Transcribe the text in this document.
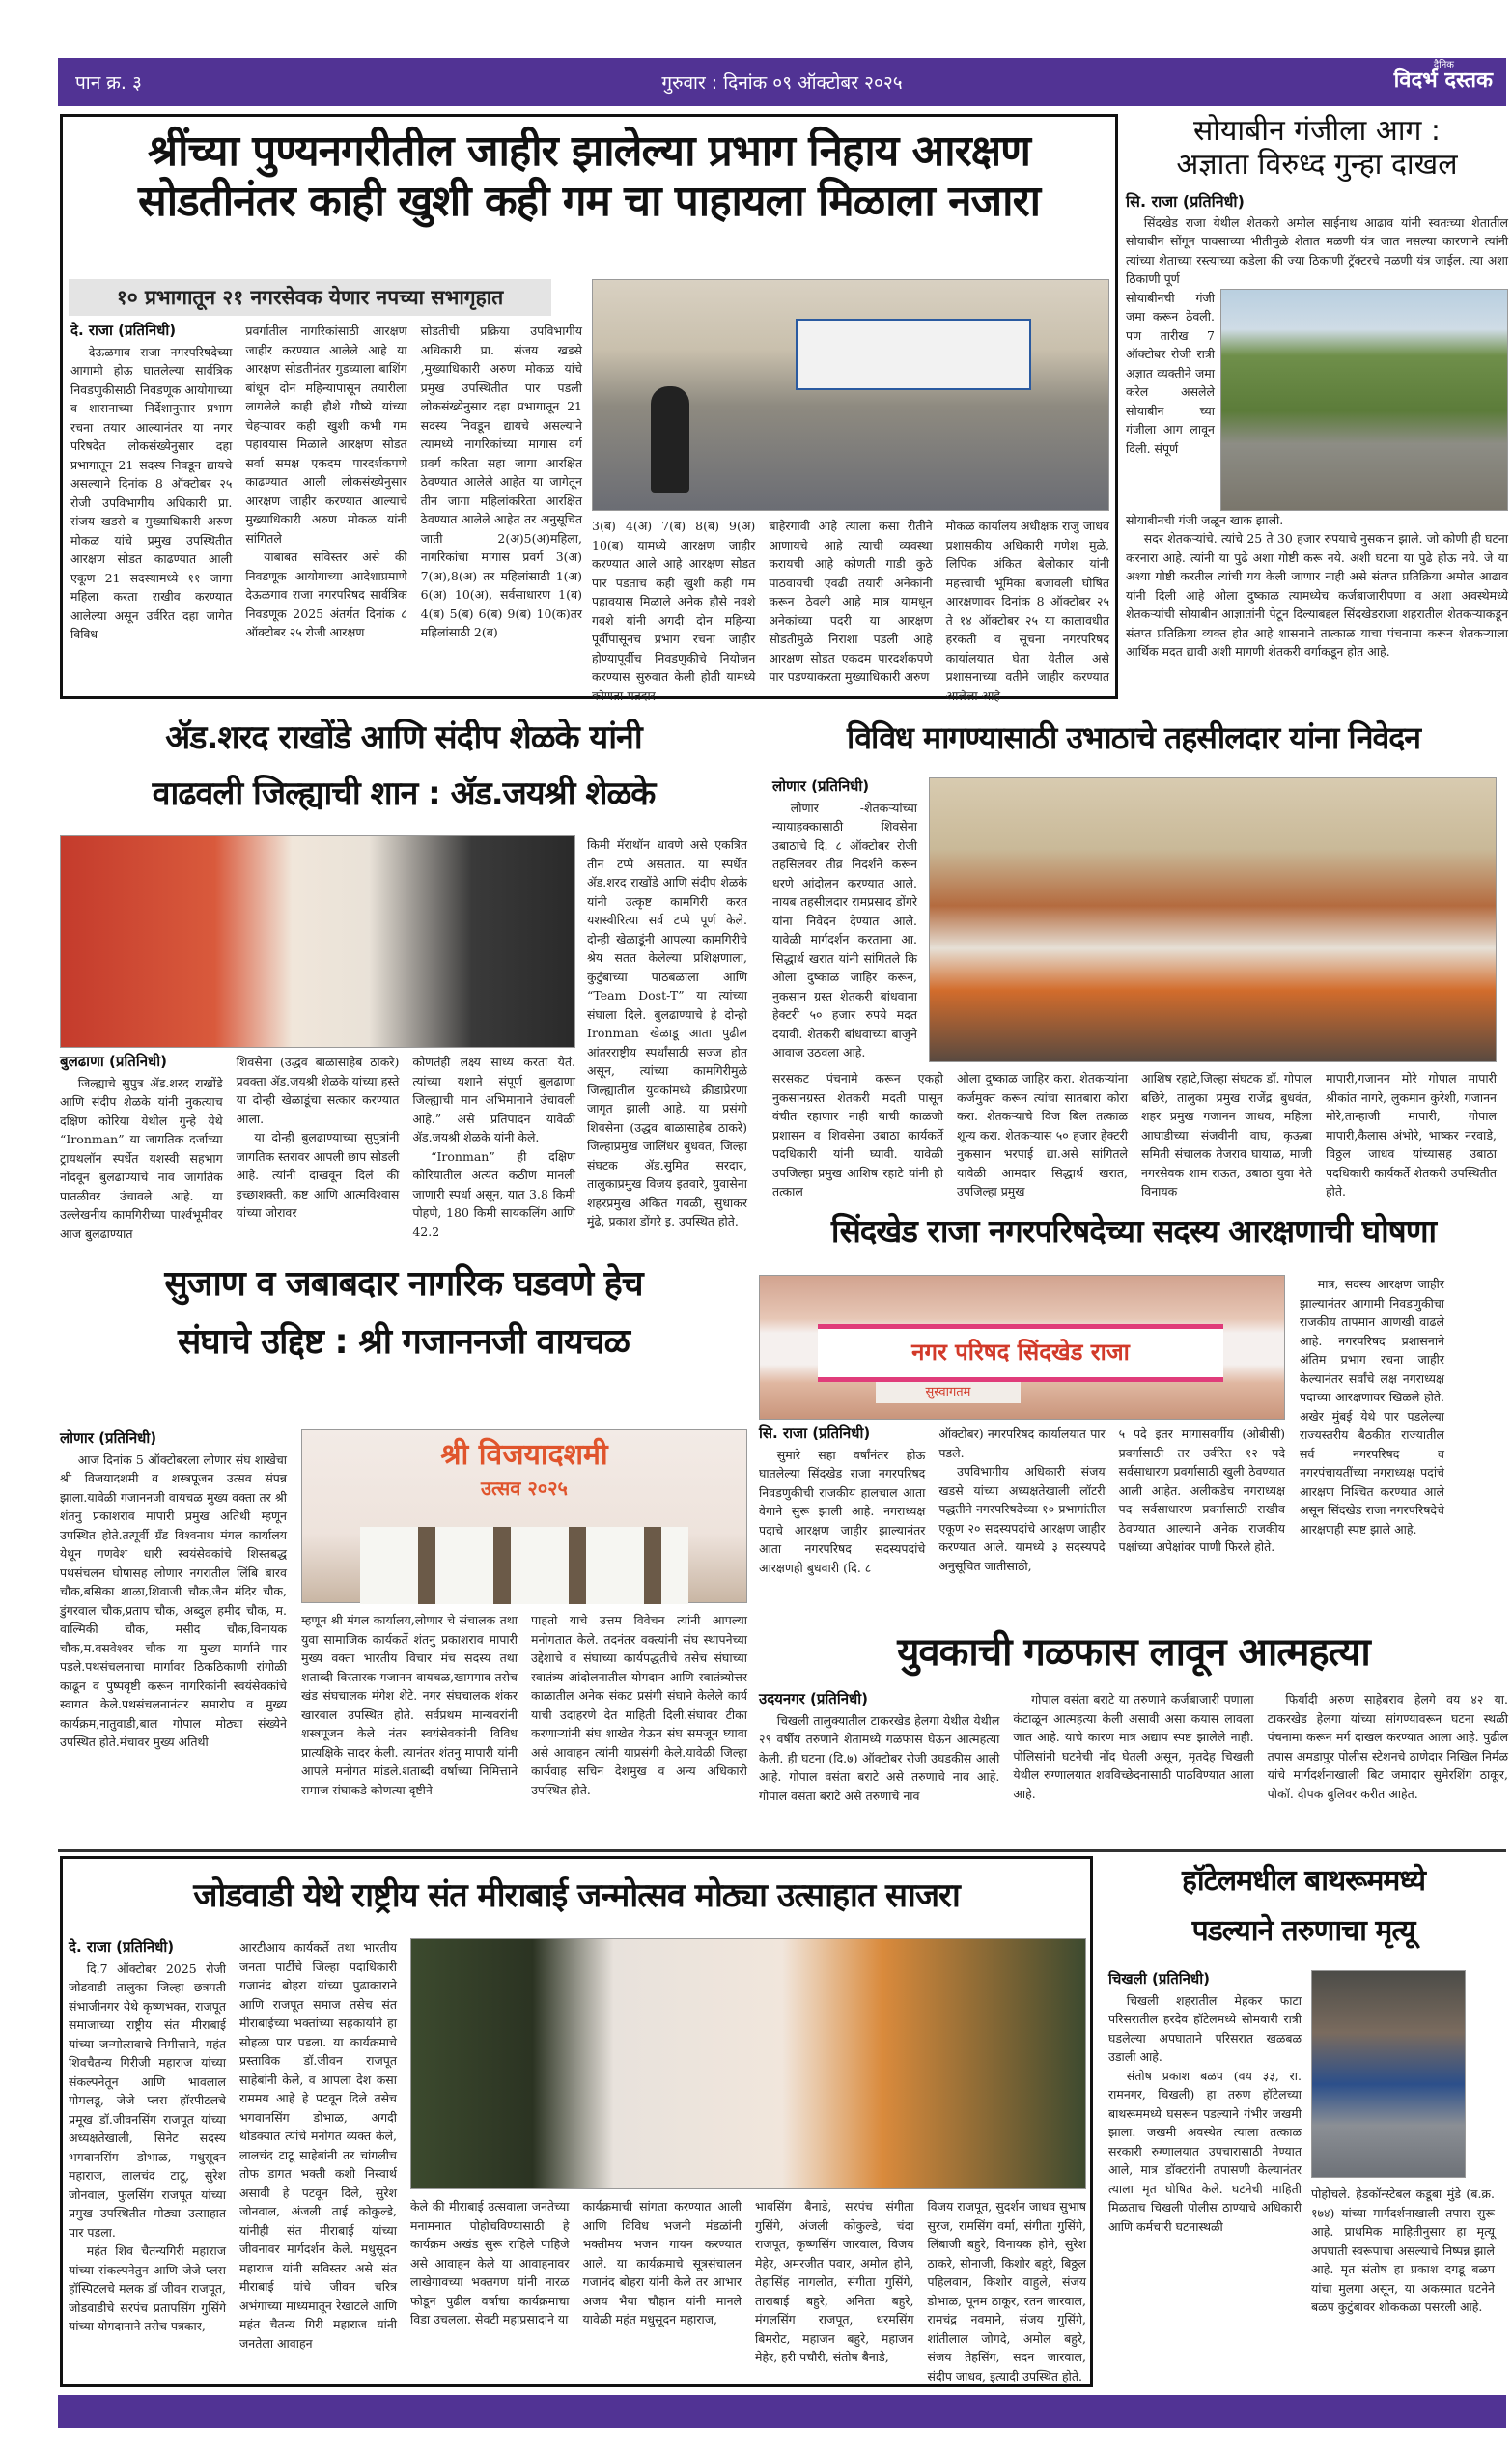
पान क्र. ३	गुरुवार : दिनांक ०९ ऑक्टोबर २०२५
दैनिक
विदर्भ दस्तक
श्रींच्या पुण्यनगरीतील जाहीर झालेल्या प्रभाग निहाय आरक्षण
सोडतीनंतर काही खुशी कही गम चा पाहायला मिळाला नजारा
१० प्रभागातून २१ नगरसेवक येणार नपच्या सभागृहात
दे. राजा (प्रतिनिधी)

देऊळगाव राजा नगरपरिषदेच्या आगामी होऊ घातलेल्या सार्वत्रिक निवडणुकीसाठी निवडणूक आयोगाच्या व शासनाच्या निर्देशानुसार प्रभाग रचना तयार आल्यानंतर या नगर परिषदेत लोकसंख्येनुसार दहा प्रभागातून 21 सदस्य निवडून द्यायचे असल्याने दिनांक 8 ऑक्टोबर २५ रोजी उपविभागीय अधिकारी प्रा. संजय खडसे व मुख्याधिकारी अरुण मोकळ यांचे प्रमुख उपस्थितीत आरक्षण सोडत काढण्यात आली एकूण 21 सदस्यामध्ये ११ जागा महिला करता राखीव करण्यात आलेल्या असून उर्वरित दहा जागेत विविध

प्रवर्गातील नागरिकांसाठी आरक्षण जाहीर करण्यात आलेले आहे या आरक्षण सोडतीनंतर गुडघ्याला बाशिंग बांधून दोन महिन्यापासून तयारीला लागलेले काही हौशे गौष्ये यांच्या चेहऱ्यावर कही खुशी कभी गम पहावयास मिळाले आरक्षण सोडत सर्वा समक्ष एकदम पारदर्शकपणे काढण्यात आली लोकसंख्येनुसार आरक्षण जाहीर करण्यात आल्याचे मुख्याधिकारी अरुण मोकळ यांनी सांगितले

याबाबत सविस्तर असे की निवडणूक आयोगाच्या आदेशाप्रमाणे देऊळगाव राजा नगरपरिषद सार्वत्रिक निवडणूक 2025 अंतर्गत दिनांक ८ ऑक्टोबर २५ रोजी आरक्षण

सोडतीची प्रक्रिया उपविभागीय अधिकारी प्रा. संजय खडसे ,मुख्याधिकारी अरुण मोकळ यांचे प्रमुख उपस्थितीत पार पडली लोकसंख्येनुसार दहा प्रभागातून 21 सदस्य निवडून द्यायचे असल्याने त्यामध्ये नागरिकांच्या मागास वर्ग प्रवर्ग करिता सहा जागा आरक्षित ठेवण्यात आलेले आहेत या जागेतून तीन जागा महिलांकरिता आरक्षित ठेवण्यात आलेले आहेत तर अनुसूचित जाती 2(अ)5(अ)महिला, नागरिकांचा मागास प्रवर्ग 3(अ) 7(अ),8(अ) तर महिलांसाठी 1(अ) 6(अ) 10(अ), सर्वसाधारण 1(ब) 4(ब) 5(ब) 6(ब) 9(ब) 10(क)तर महिलांसाठी 2(ब)

3(ब) 4(अ) 7(ब) 8(ब) 9(अ) 10(ब) यामध्ये आरक्षण जाहीर करण्यात आले आहे आरक्षण सोडत पार पडताच कही खुशी कही गम पहावयास मिळाले अनेक हौसे नवशे गवशे यांनी अगदी दोन महिन्या पूर्वीपासूनच प्रभाग रचना जाहीर होण्यापूर्वीच निवडणुकीचे नियोजन करण्यास सुरुवात केली होती यामध्ये कोणता मतदार

बाहेरगावी आहे त्याला कसा रीतीने आणायचे आहे त्याची व्यवस्था करायची आहे कोणती गाडी कुठे पाठवायची एवढी तयारी अनेकांनी करून ठेवली आहे मात्र यामधून अनेकांच्या पदरी या आरक्षण सोडतीमुळे निराशा पडली आहे आरक्षण सोडत एकदम पारदर्शकपणे पार पडण्याकरता मुख्याधिकारी अरुण

मोकळ कार्यालय अधीक्षक राजु जाधव प्रशासकीय अधिकारी गणेश मुळे, लिपिक अंकित बेलोकार यांनी महत्त्वाची भूमिका बजावली घोषित आरक्षणावर दिनांक 8 ऑक्टोबर २५ ते १४ ऑक्टोबर २५ या कालावधीत हरकती व सूचना नगरपरिषद कार्यालयात घेता येतील असे प्रशासनाच्या वतीने जाहीर करण्यात आलेला आहे

सोयाबीन गंजीला आग :
अज्ञाता विरुध्द गुन्हा दाखल
सि. राजा (प्रतिनिधी)

सिंदखेड राजा येथील शेतकरी अमोल साईनाथ आढाव यांनी स्वतःच्या शेतातील सोयाबीन सोंगून पावसाच्या भीतीमुळे शेतात मळणी यंत्र जात नसल्या कारणाने त्यांनी त्यांच्या शेताच्या रस्त्याच्या कडेला की ज्या ठिकाणी ट्रॅक्टरचे मळणी यंत्र जाईल. त्या अशा ठिकाणी पूर्ण

सोयाबीनची गंजी जमा करून ठेवली. पण तारीख 7 ऑक्टोबर रोजी रात्री अज्ञात व्यक्तीने जमा करेल असलेले सोयाबीन च्या गंजीला आग लावून दिली. संपूर्ण

सोयाबीनची गंजी जळून खाक झाली.

सदर शेतकऱ्यांचे. त्यांचे 25 ते 30 हजार रुपयाचे नुसकान झाले. जो कोणी ही घटना करनारा आहे. त्यांनी या पुढे अशा गोष्टी करू नये. अशी घटना या पुढे होऊ नये. जे या अश्या गोष्टी करतील त्यांची गय केली जाणार नाही असे संतप्त प्रतिक्रिया अमोल आढाव यांनी दिली आहे ओला दुष्काळ त्यामध्येच कर्जबाजारीपणा व अशा अवस्थेमध्ये शेतकऱ्यांची सोयाबीन आज्ञातांनी पेटून दिल्याबद्दल सिंदखेडराजा शहरातील शेतकऱ्याकडून संतप्त प्रतिक्रिया व्यक्त होत आहे शासनाने तात्काळ याचा पंचनामा करून शेतकऱ्याला आर्थिक मदत द्यावी अशी मागणी शेतकरी वर्गाकडून होत आहे.

ॲड.शरद राखोंडे आणि संदीप शेळके यांनी
वाढवली जिल्ह्याची शान : ॲड.जयश्री शेळके
बुलढाणा (प्रतिनिधी)

जिल्ह्याचे सुपुत्र ॲड.शरद राखोंडे आणि संदीप शेळके यांनी नुकत्याच दक्षिण कोरिया येथील गुन्हे येथे “Ironman” या जागतिक दर्जाच्या ट्रायथलॉन स्पर्धेत यशस्वी सहभाग नोंदवून बुलढाण्याचे नाव जागतिक पातळीवर उंचावले आहे. या उल्लेखनीय कामगिरीच्या पार्श्वभूमीवर आज बुलढाण्यात

शिवसेना (उद्धव बाळासाहेब ठाकरे) प्रवक्ता ॲड.जयश्री शेळके यांच्या हस्ते या दोन्ही खेळाडूंचा सत्कार करण्यात आला.

या दोन्ही बुलढाण्याच्या सुपुत्रांनी जागतिक स्तरावर आपली छाप सोडली आहे. त्यांनी दाखवून दिलं की इच्छाशक्ती, कष्ट आणि आत्मविश्वास यांच्या जोरावर

कोणतंही लक्ष्य साध्य करता येतं. त्यांच्या यशाने संपूर्ण बुलढाणा जिल्ह्याची मान अभिमानाने उंचावली आहे.” असे प्रतिपादन यावेळी ॲड.जयश्री शेळके यांनी केले.

“Ironman” ही दक्षिण कोरियातील अत्यंत कठीण मानली जाणारी स्पर्धा असून, यात 3.8 किमी पोहणे, 180 किमी सायकलिंग आणि 42.2

किमी मॅराथॉन धावणे असे एकत्रित तीन टप्पे असतात. या स्पर्धेत ॲड.शरद राखोंडे आणि संदीप शेळके यांनी उत्कृष्ट कामगिरी करत यशस्वीरित्या सर्व टप्पे पूर्ण केले. दोन्ही खेळाडूंनी आपल्या कामगिरीचे श्रेय सतत केलेल्या प्रशिक्षणाला, कुटुंबाच्या पाठबळाला आणि “Team Dost-T” या त्यांच्या संघाला दिले. बुलढाण्याचे हे दोन्ही Ironman खेळाडू आता पुढील आंतरराष्ट्रीय स्पर्धांसाठी सज्ज होत असून, त्यांच्या कामगिरीमुळे जिल्ह्यातील युवकांमध्ये क्रीडाप्रेरणा जागृत झाली आहे. या प्रसंगी शिवसेना (उद्धव बाळासाहेब ठाकरे) जिल्हाप्रमुख जालिंधर बुधवत, जिल्हा संघटक ॲड.सुमित सरदार, तालुकाप्रमुख विजय इतवारे, युवासेना शहरप्रमुख अंकित गवळी, सुधाकर मुंढे, प्रकाश डोंगरे इ. उपस्थित होते.

विविध मागण्यासाठी उभाठाचे तहसीलदार यांना निवेदन
लोणार (प्रतिनिधी)

लोणार -शेतकऱ्यांच्या न्यायाहक्कासाठी शिवसेना उबाठाचे दि. ८ ऑक्टोबर रोजी तहसिलवर तीव्र निदर्शने करून धरणे आंदोलन करण्यात आले. नायब तहसीलदार रामप्रसाद डोंगरे यांना निवेदन देण्यात आले. यावेळी मार्गदर्शन करताना आ. सिद्धार्थ खरात यांनी सांगितले कि ओला दुष्काळ जाहिर करून, नुकसान ग्रस्त शेतकरी बांधवाना हेक्टरी ५० हजार रुपये मदत दयावी. शेतकरी बांधवाच्या बाजुने आवाज उठवला आहे.

सरसकट पंचनामे करून एकही नुकसानग्रस्त शेतकरी मदती पासून वंचीत रहाणार नाही याची काळजी प्रशासन व शिवसेना उबाठा कार्यकर्ते पदधिकारी यांनी घ्यावी. यावेळी उपजिल्हा प्रमुख आशिष रहाटे यांनी ही तत्काल

ओला दुष्काळ जाहिर करा. शेतकऱ्यांना कर्जमुक्त करून त्यांचा सातबारा कोरा करा. शेतकऱ्याचे विज बिल तत्काळ शून्य करा. शेतकऱ्यास ५० हजार हेक्टरी नुकसान भरपाई द्या.असे सांगितले यावेळी आमदार सिद्धार्थ खरात, उपजिल्हा प्रमुख

आशिष रहाटे,जिल्हा संघटक डॉ. गोपाल बछिरे, तालुका प्रमुख राजेंद्र बुधवंत, शहर प्रमुख गजानन जाधव, महिला आघाडीच्या संजवीनी वाघ, कृऊबा समिती संचालक तेजराव घायाळ, माजी नगरसेवक शाम राऊत, उबाठा युवा नेते विनायक

मापारी,गजानन मोरे गोपाल मापारी श्रीकांत नागरे, लुकमान कुरेशी, गजानन मोरे,तान्हाजी मापारी, गोपाल मापारी,कैलास अंभोरे, भाष्कर नरवाडे, विठ्ठल जाधव यांच्यासह उबाठा पदधिकारी कार्यकर्ते शेतकरी उपस्थितीत होते.

सुजाण व जबाबदार नागरिक घडवणे हेच
संघाचे उद्दिष्ट : श्री गजाननजी वायचळ
लोणार (प्रतिनिधी)

आज दिनांक 5 ऑक्टोबरला लोणार संघ शाखेचा श्री विजयादशमी व शस्त्रपूजन उत्सव संपन्न झाला.यावेळी गजाननजी वायचळ मुख्य वक्ता तर श्री शंतनु प्रकाशराव मापारी प्रमुख अतिथी म्हणून उपस्थित होते.तत्पूर्वी ग्रँड विश्वनाथ मंगल कार्यालय येथून गणवेश धारी स्वयंसेवकांचे शिस्तबद्ध पथसंचलन घोषासह लोणार नगरातील लिंबि बारव चौक,बसिका शाळा,शिवाजी चौक,जैन मंदिर चौक, डुंगरवाल चौक,प्रताप चौक, अब्दुल हमीद चौक, म. वाल्मिकी चौक, मसीद चौक,विनायक चौक,म.बसवेश्वर चौक या मुख्य मार्गाने पार पडले.पथसंचलनाचा मार्गावर ठिकठिकाणी रांगोळी काढून व पुष्पवृष्टी करून नागरिकांनी स्वयंसेवकांचे स्वागत केले.पथसंचलनानंतर समारोप व मुख्य कार्यक्रम,नातुवाडी,बाल गोपाल मोठ्या संख्येने उपस्थित होते.मंचावर मुख्य अतिथी

श्री विजयादशमी
उत्सव २०२५

म्हणून श्री मंगल कार्यालय,लोणार चे संचालक तथा युवा सामाजिक कार्यकर्ते शंतनु प्रकाशराव मापारी मुख्य वक्ता भारतीय विचार मंच सदस्य तथा शताब्दी विस्तारक गजानन वायचळ,खामगाव तसेच खंड संघचालक मंगेश शेटे. नगर संघचालक शंकर खारवाल उपस्थित होते. सर्वप्रथम मान्यवरांनी शस्त्रपूजन केले नंतर स्वयंसेवकांनी विविध प्रात्यक्षिके सादर केली. त्यानंतर शंतनु मापारी यांनी आपले मनोगत मांडले.शताब्दी वर्षाच्या निमित्ताने समाज संघाकडे कोणत्या दृष्टीने

पाहतो याचे उत्तम विवेचन त्यांनी आपल्या मनोगतात केले. तदनंतर वक्त्यांनी संघ स्थापनेच्या उद्देशाचे व संघाच्या कार्यपद्धतीचे तसेच संघाच्या स्वातंत्र्य आंदोलनातील योगदान आणि स्वातंत्र्योत्तर काळातील अनेक संकट प्रसंगी संघाने केलेले कार्य याची उदाहरणे देत माहिती दिली.संघावर टीका करणाऱ्यांनी संघ शाखेत येऊन संघ समजून घ्यावा असे आवाहन त्यांनी याप्रसंगी केले.यावेळी जिल्हा कार्यवाह सचिन देशमुख व अन्य अधिकारी उपस्थित होते.

सिंदखेड राजा नगरपरिषदेच्या सदस्य आरक्षणाची घोषणा
नगर परिषद सिंदखेड राजा
सुस्वागतम

मात्र, सदस्य आरक्षण जाहीर झाल्यानंतर आगामी निवडणुकीचा राजकीय तापमान आणखी वाढले आहे. नगरपरिषद प्रशासनाने अंतिम प्रभाग रचना जाहीर केल्यानंतर सर्वांचे लक्ष नगराध्यक्ष पदाच्या आरक्षणावर खिळले होते. अखेर मुंबई येथे पार पडलेल्या राज्यस्तरीय बैठकीत राज्यातील सर्व नगरपरिषद व नगरपंचायतींच्या नगराध्यक्ष पदांचे आरक्षण निश्चित करण्यात आले असून सिंदखेड राजा नगरपरिषदेचे आरक्षणही स्पष्ट झाले आहे.

सि. राजा (प्रतिनिधी)

सुमारे सहा वर्षांनंतर होऊ घातलेल्या सिंदखेड राजा नगरपरिषद निवडणुकीची राजकीय हालचाल आता वेगाने सुरू झाली आहे. नगराध्यक्ष पदाचे आरक्षण जाहीर झाल्यानंतर आता नगरपरिषद सदस्यपदांचे आरक्षणही बुधवारी (दि. ८

ऑक्टोबर) नगरपरिषद कार्यालयात पार पडले.

उपविभागीय अधिकारी संजय खडसे यांच्या अध्यक्षतेखाली लॉटरी पद्धतीने नगरपरिषदेच्या १० प्रभागांतील एकूण २० सदस्यपदांचे आरक्षण जाहीर करण्यात आले. यामध्ये ३ सदस्यपदे अनुसूचित जातीसाठी,

५ पदे इतर मागासवर्गीय (ओबीसी) प्रवर्गासाठी तर उर्वरित १२ पदे सर्वसाधारण प्रवर्गासाठी खुली ठेवण्यात आली आहेत. अलीकडेच नगराध्यक्ष पद सर्वसाधारण प्रवर्गासाठी राखीव ठेवण्यात आल्याने अनेक राजकीय पक्षांच्या अपेक्षांवर पाणी फिरले होते.

युवकाची गळफास लावून आत्महत्या
उदयनगर (प्रतिनिधी)

चिखली तालुक्यातील टाकरखेड हेलगा येथील येथील २९ वर्षीय तरुणाने शेतामध्ये गळफास घेऊन आत्महत्या केली. ही घटना (दि.७) ऑक्टोबर रोजी उघडकीस आली आहे. गोपाल वसंता बराटे असे तरुणाचे नाव आहे. गोपाल वसंता बराटे असे तरुणाचे नाव

गोपाल वसंता बराटे या तरुणाने कर्जबाजारी पणाला कंटाळून आत्महत्या केली असावी असा कयास लावला जात आहे. याचे कारण मात्र अद्याप स्पष्ट झालेले नाही. पोलिसांनी घटनेची नोंद घेतली असून, मृतदेह चिखली येथील रुग्णालयात शवविच्छेदनासाठी पाठविण्यात आला आहे.

फिर्यादी अरुण साहेबराव हेलगे वय ४२ या. टाकरखेड हेलगा यांच्या सांगण्यावरून घटना स्थळी पंचनामा करून मर्ग दाखल करण्यात आला आहे. पुढील तपास अमडापुर पोलीस स्टेशनचे ठाणेदार निखिल निर्मळ यांचे मार्गदर्शनाखाली बिट जमादार सुमेरशिंग ठाकूर, पोकॉ. दीपक बुलिवर करीत आहेत.

जोडवाडी येथे राष्ट्रीय संत मीराबाई जन्मोत्सव मोठ्या उत्साहात साजरा
दे. राजा (प्रतिनिधी)

दि.7 ऑक्टोबर 2025 रोजी जोडवाडी तालुका जिल्हा छत्रपती संभाजीनगर येथे कृष्णभक्त, राजपूत समाजाच्या राष्ट्रीय संत मीराबाई यांच्या जन्मोत्सवाचे निमीत्ताने, महंत शिवचैतन्य गिरीजी महाराज यांच्या संकल्पनेतून आणि भावलाल गोमलडू, जेजे प्लस हॉस्पीटलचे प्रमूख डॉ.जीवनसिंग राजपूत यांच्या अध्यक्षतेखाली, सिनेट सदस्य भगवानसिंग डोभाळ, मधुसूदन महाराज, लालचंद टाटू, सुरेश जोनवाल, फुलसिंग राजपूत यांच्या प्रमुख उपस्थितीत मोठ्या उत्साहात पार पडला.

महंत शिव चैतन्यगिरी महाराज यांच्या संकल्पनेतुन आणि जेजे प्लस हॉस्पिटलचे मलक डॉ जीवन राजपूत, जोडवाडीचे सरपंच प्रतापसिंग गुसिंगे यांच्या योगदानाने तसेच पत्रकार,

आरटीआय कार्यकर्ते तथा भारतीय जनता पार्टीचे जिल्हा पदाधिकारी गजानंद बोहरा यांच्या पुढाकाराने आणि राजपूत समाज तसेच संत मीराबाईच्या भक्तांच्या सहकार्याने हा सोहळा पार पडला. या कार्यक्रमाचे प्रस्ताविक डॉ.जीवन राजपूत साहेबांनी केले, व आपला देश कसा राममय आहे हे पटवून दिले तसेच भगवानसिंग डोभाळ, अगदी थोडक्यात त्यांचे मनोगत व्यक्त केले, लालचंद टाटू साहेबांनी तर चांगलीच तोफ डागत भक्ती कशी निस्वार्थ असावी हे पटवून दिले, सुरेश जोनवाल, अंजली ताई कोकुल्डे, यांनीही संत मीराबाई यांच्या जीवनावर मार्गदर्शन केले. मधुसूदन महाराज यांनी सविस्तर असे संत मीराबाई यांचे जीवन चरित्र अभंगाच्या माध्यमातून रेखाटले आणि महंत चैतन्य गिरी महाराज यांनी जनतेला आवाहन

केले की मीराबाई उत्सवाला जनतेच्या मनामनात पोहोचविण्यासाठी हे कार्यक्रम अखंड सुरू राहिले पाहिजे असे आवाहन केले या आवाहनावर लाखेगावच्या भक्तगण यांनी नारळ फोडून पुढील वर्षाचा कार्यक्रमाचा विडा उचलला. सेवटी महाप्रसादाने या

कार्यक्रमाची सांगता करण्यात आली आणि विविध भजनी मंडळांनी भक्तीमय भजन गायन करण्यात आले. या कार्यक्रमाचे सूत्रसंचालन गजानंद बोहरा यांनी केले तर आभार अजय भैया चौहान यांनी मानले यावेळी महंत मधुसूदन महाराज,

भावसिंग बैनाडे, सरपंच संगीता गुसिंगे, अंजली कोकुल्डे, चंदा राजपूत, कृष्णसिंग जारवाल, विजय मेहेर, अमरजीत पवार, अमोल होने, तेहासिंह नागलोत, संगीता गुसिंगे, ताराबाई बहुरे, अनिता बहुरे, मंगलसिंग राजपूत, धरमसिंग बिमरोट, महाजन बहुरे, महाजन मेहेर, हरी पचौरी, संतोष बैनाडे,

विजय राजपूत, सुदर्शन जाधव सुभाष सुरज, रामसिंग वर्मा, संगीता गुसिंगे, लिंबाजी बहुरे, विनायक होने, सुरेश ठाकरे, सोनाजी, किशोर बहुरे, बिठ्ठल पहिलवान, किशोर वाहुले, संजय डोभाळ, पूनम ठाकूर, रतन जारवाल, रामचंद्र नवमाने, संजय गुसिंगे, शांतीलाल जोगदे, अमोल बहुरे, संजय तेहसिंग, सदन जारवाल, संदीप जाधव, इत्यादी उपस्थित होते.

हॉटेलमधील बाथरूममध्ये
पडल्याने तरुणाचा मृत्यू
चिखली (प्रतिनिधी)

चिखली शहरातील मेहकर फाटा परिसरातील हरदेव हॉटेलमध्ये सोमवारी रात्री घडलेल्या अपघाताने परिसरात खळबळ उडाली आहे.

संतोष प्रकाश बळप (वय ३३, रा. रामनगर, चिखली) हा तरुण हॉटेलच्या बाथरूममध्ये घसरून पडल्याने गंभीर जखमी झाला. जखमी अवस्थेत त्याला तत्काळ सरकारी रुग्णालयात उपचारासाठी नेण्यात आले, मात्र डॉक्टरांनी तपासणी केल्यानंतर त्याला मृत घोषित केले. घटनेची माहिती मिळताच चिखली पोलीस ठाण्याचे अधिकारी आणि कर्मचारी घटनास्थळी

पोहोचले. हेडकॉन्स्टेबल कडूबा मुंडे (ब.क्र. १७४) यांच्या मार्गदर्शनाखाली तपास सुरू आहे. प्राथमिक माहितीनुसार हा मृत्यू अपघाती स्वरूपाचा असल्याचे निष्पन्न झाले आहे. मृत संतोष हा प्रकाश दगडू बळप यांचा मुलगा असून, या अकस्मात घटनेने बळप कुटुंबावर शोककळा पसरली आहे.
